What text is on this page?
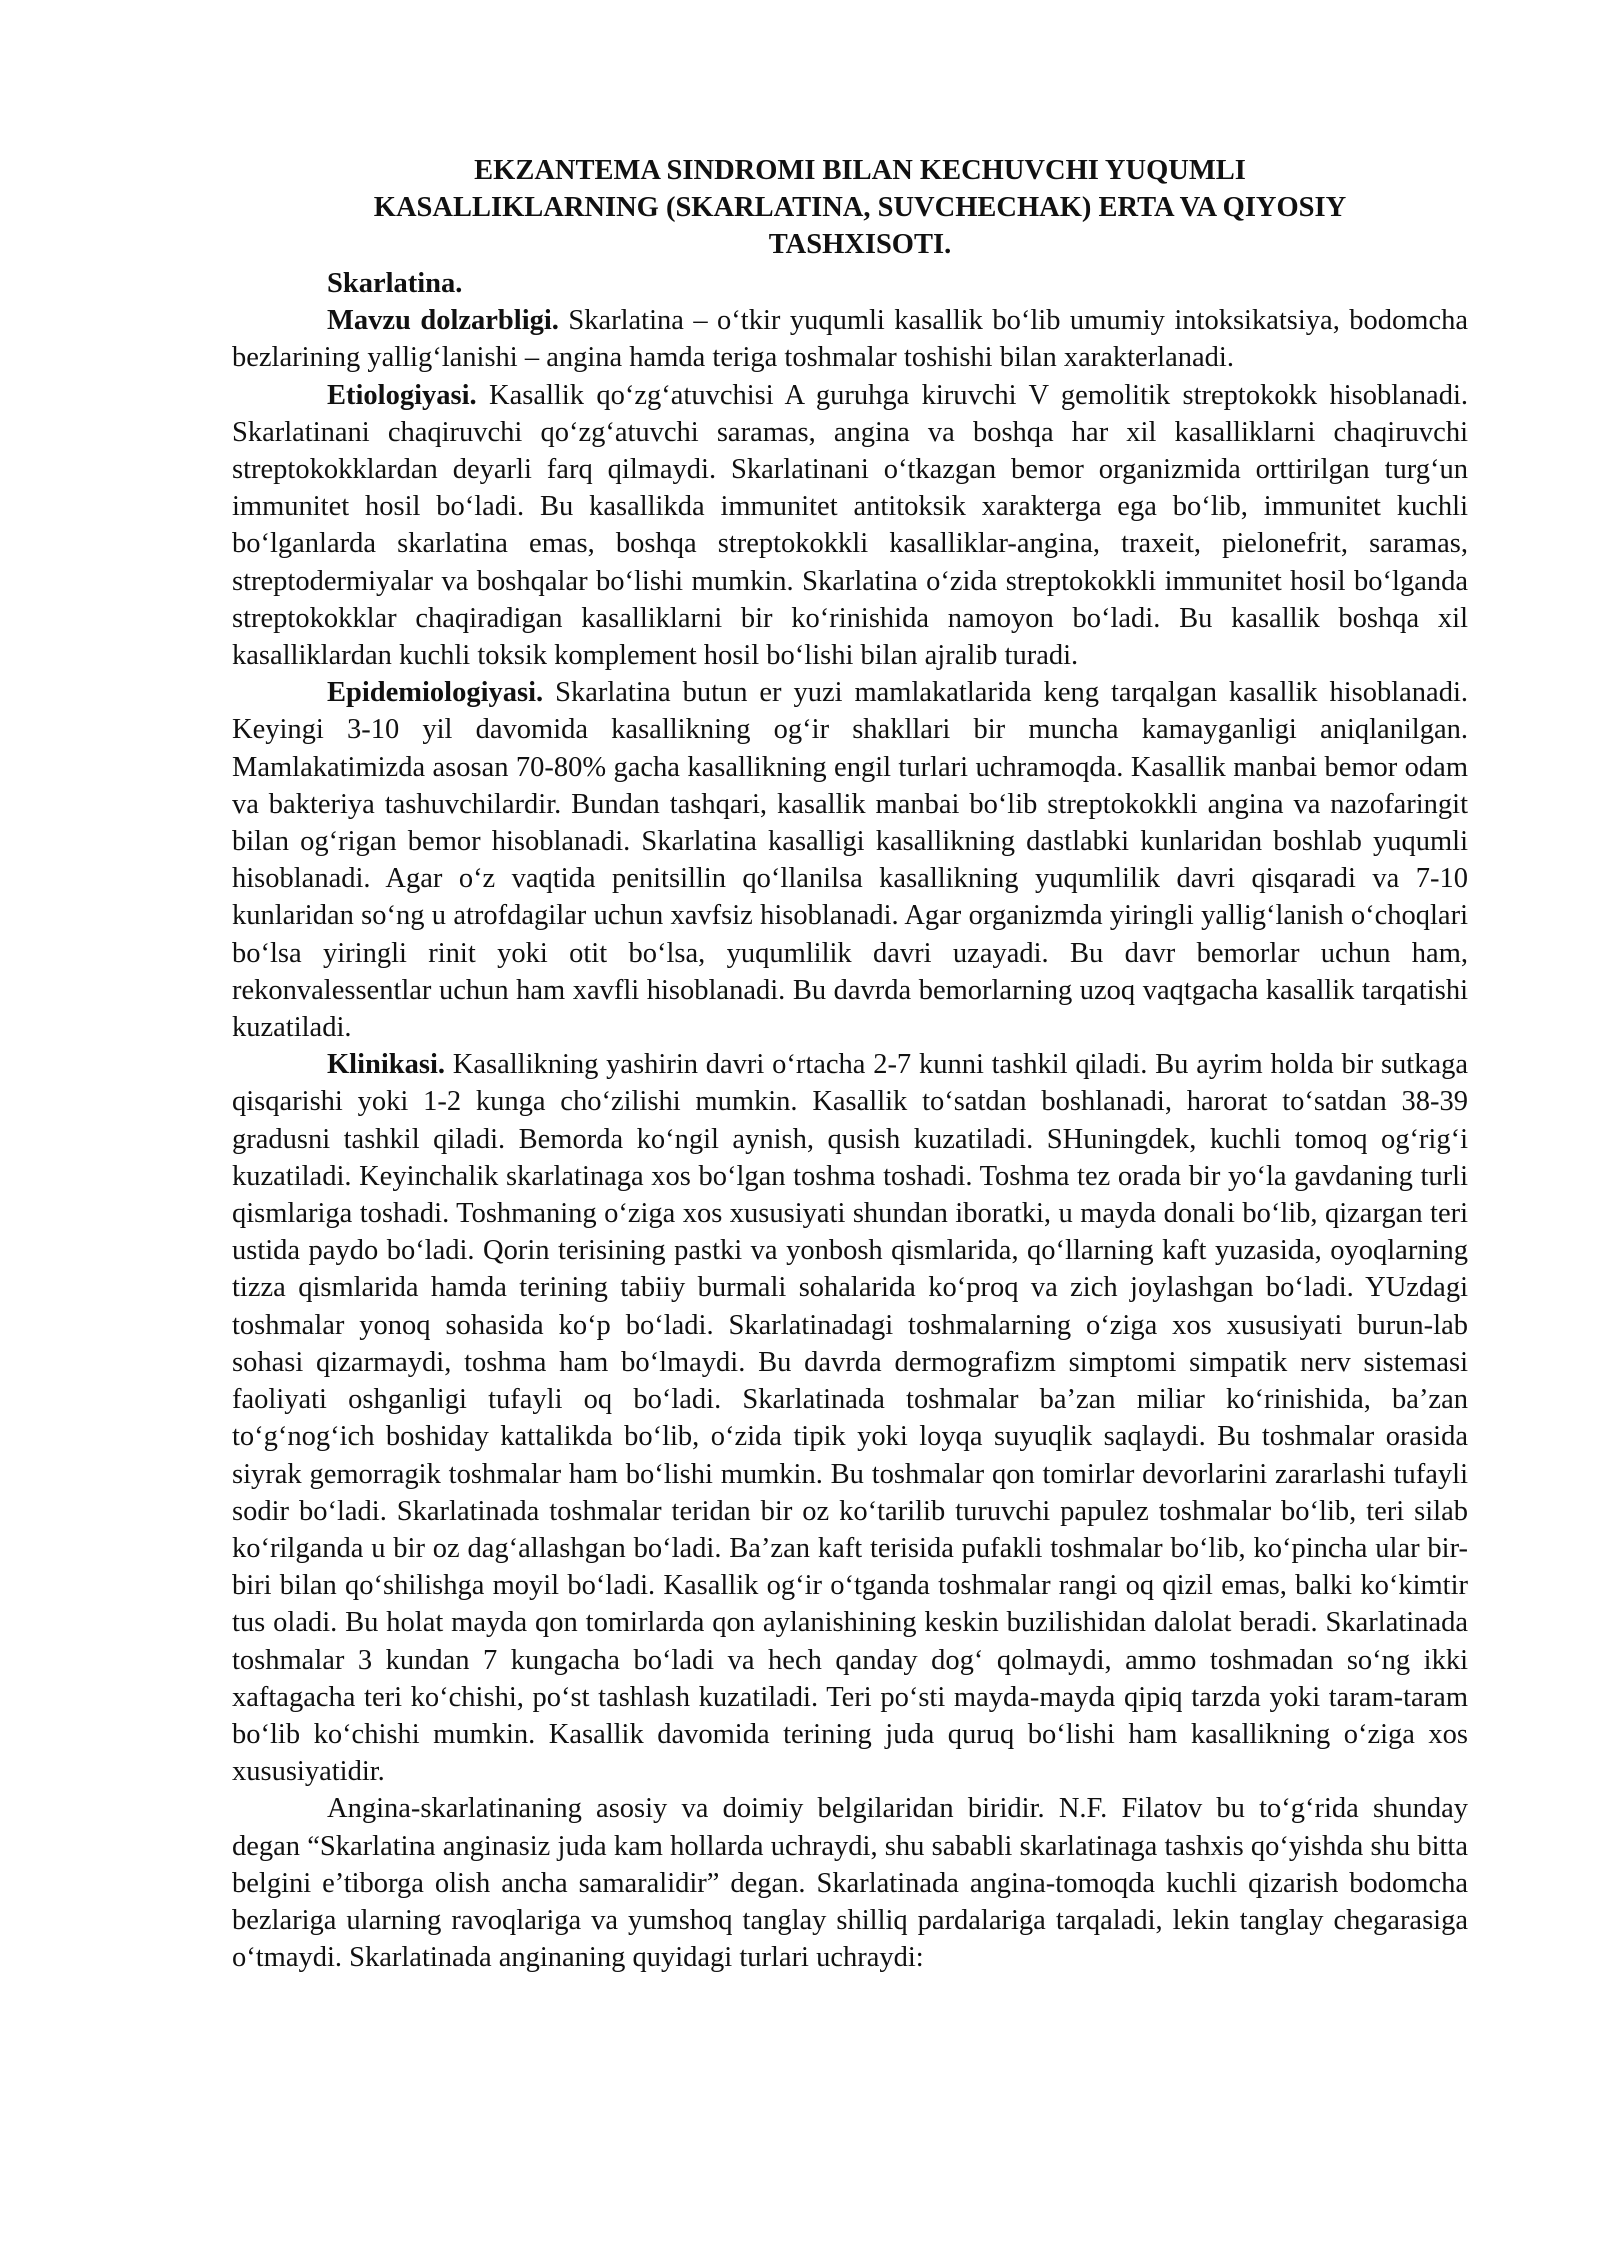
EKZANTEMA SINDROMI BILAN KECHUVCHI YUQUMLI
KASALLIKLARNING (SKARLATINA, SUVCHECHAK) ERTA VA QIYOSIY
TASHXISOTI.

Skarlatina.

Mavzu dolzarbligi. Skarlatina – o‘tkir yuqumli kasallik bo‘lib umumiy intoksikatsiya, bodomcha bezlarining yallig‘lanishi – angina hamda teriga toshmalar toshishi bilan xarakterlanadi.

Etiologiyasi. Kasallik qo‘zg‘atuvchisi A guruhga kiruvchi V gemolitik streptokokk hisoblanadi. Skarlatinani chaqiruvchi qo‘zg‘atuvchi saramas, angina va boshqa har xil kasalliklarni chaqiruvchi streptokokklardan deyarli farq qilmaydi. Skarlatinani o‘tkazgan bemor organizmida orttirilgan turg‘un immunitet hosil bo‘ladi. Bu kasallikda immunitet antitoksik xarakterga ega bo‘lib, immunitet kuchli bo‘lganlarda skarlatina emas, boshqa streptokokkli kasalliklar-angina, traxeit, pielonefrit, saramas, streptodermiyalar va boshqalar bo‘lishi mumkin. Skarlatina o‘zida streptokokkli immunitet hosil bo‘lganda streptokokklar chaqiradigan kasalliklarni bir ko‘rinishida namoyon bo‘ladi. Bu kasallik boshqa xil kasalliklardan kuchli toksik komplement hosil bo‘lishi bilan ajralib turadi.

Epidemiologiyasi. Skarlatina butun er yuzi mamlakatlarida keng tarqalgan kasallik hisoblanadi. Keyingi 3-10 yil davomida kasallikning og‘ir shakllari bir muncha kamayganligi aniqlanilgan. Mamlakatimizda asosan 70-80% gacha kasallikning engil turlari uchramoqda. Kasallik manbai bemor odam va bakteriya tashuvchilardir. Bundan tashqari, kasallik manbai bo‘lib streptokokkli angina va nazofaringit bilan og‘rigan bemor hisoblanadi. Skarlatina kasalligi kasallikning dastlabki kunlaridan boshlab yuqumli hisoblanadi. Agar o‘z vaqtida penitsillin qo‘llanilsa kasallikning yuqumlilik davri qisqaradi va 7-10 kunlaridan so‘ng u atrofdagilar uchun xavfsiz hisoblanadi. Agar organizmda yiringli yallig‘lanish o‘choqlari bo‘lsa yiringli rinit yoki otit bo‘lsa, yuqumlilik davri uzayadi. Bu davr bemorlar uchun ham, rekonvalessentlar uchun ham xavfli hisoblanadi. Bu davrda bemorlarning uzoq vaqtgacha kasallik tarqatishi kuzatiladi.

Klinikasi. Kasallikning yashirin davri o‘rtacha 2-7 kunni tashkil qiladi. Bu ayrim holda bir sutkaga qisqarishi yoki 1-2 kunga cho‘zilishi mumkin. Kasallik to‘satdan boshlanadi, harorat to‘satdan 38-39 gradusni tashkil qiladi. Bemorda ko‘ngil aynish, qusish kuzatiladi. SHuningdek, kuchli tomoq og‘rig‘i kuzatiladi. Keyinchalik skarlatinaga xos bo‘lgan toshma toshadi. Toshma tez orada bir yo‘la gavdaning turli qismlariga toshadi. Toshmaning o‘ziga xos xususiyati shundan iboratki, u mayda donali bo‘lib, qizargan teri ustida paydo bo‘ladi. Qorin terisining pastki va yonbosh qismlarida, qo‘llarning kaft yuzasida, oyoqlarning tizza qismlarida hamda terining tabiiy burmali sohalarida ko‘proq va zich joylashgan bo‘ladi. YUzdagi toshmalar yonoq sohasida ko‘p bo‘ladi. Skarlatinadagi toshmalarning o‘ziga xos xususiyati burun-lab sohasi qizarmaydi, toshma ham bo‘lmaydi. Bu davrda dermografizm simptomi simpatik nerv sistemasi faoliyati oshganligi tufayli oq bo‘ladi. Skarlatinada toshmalar ba’zan miliar ko‘rinishida, ba’zan to‘g‘nog‘ich boshiday kattalikda bo‘lib, o‘zida tipik yoki loyqa suyuqlik saqlaydi. Bu toshmalar orasida siyrak gemorragik toshmalar ham bo‘lishi mumkin. Bu toshmalar qon tomirlar devorlarini zararlashi tufayli sodir bo‘ladi. Skarlatinada toshmalar teridan bir oz ko‘tarilib turuvchi papulez toshmalar bo‘lib, teri silab ko‘rilganda u bir oz dag‘allashgan bo‘ladi. Ba’zan kaft terisida pufakli toshmalar bo‘lib, ko‘pincha ular bir-biri bilan qo‘shilishga moyil bo‘ladi. Kasallik og‘ir o‘tganda toshmalar rangi oq qizil emas, balki ko‘kimtir tus oladi. Bu holat mayda qon tomirlarda qon aylanishining keskin buzilishidan dalolat beradi. Skarlatinada toshmalar 3 kundan 7 kungacha bo‘ladi va hech qanday dog‘ qolmaydi, ammo toshmadan so‘ng ikki xaftagacha teri ko‘chishi, po‘st tashlash kuzatiladi. Teri po‘sti mayda-mayda qipiq tarzda yoki taram-taram bo‘lib ko‘chishi mumkin. Kasallik davomida terining juda quruq bo‘lishi ham kasallikning o‘ziga xos xususiyatidir.

Angina-skarlatinaning asosiy va doimiy belgilaridan biridir. N.F. Filatov bu to‘g‘rida shunday degan “Skarlatina anginasiz juda kam hollarda uchraydi, shu sababli skarlatinaga tashxis qo‘yishda shu bitta belgini e’tiborga olish ancha samaralidir” degan. Skarlatinada angina-tomoqda kuchli qizarish bodomcha bezlariga ularning ravoqlariga va yumshoq tanglay shilliq pardalariga tarqaladi, lekin tanglay chegarasiga o‘tmaydi. Skarlatinada anginaning quyidagi turlari uchraydi:
